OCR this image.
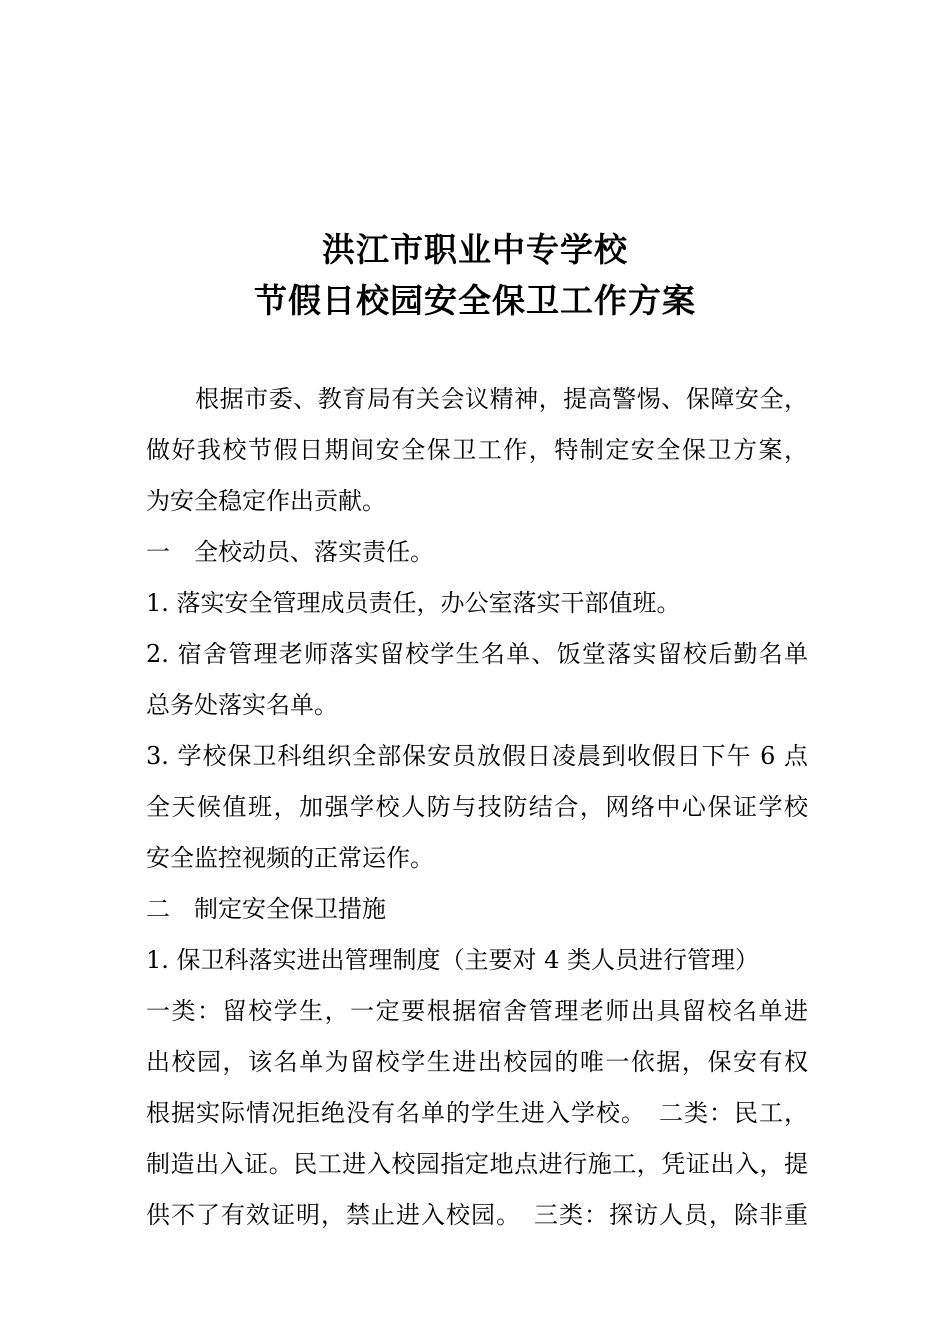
洪江市职业中专学校
节假日校园安全保卫工作方案
　　根据市委、教育局有关会议精神，提高警惕、保障安全，
做好我校节假日期间安全保卫工作，特制定安全保卫方案，
为安全稳定作出贡献。
一　全校动员、落实责任。
1. 落实安全管理成员责任，办公室落实干部值班。
2. 宿舍管理老师落实留校学生名单、饭堂落实留校后勤名单
总务处落实名单。
3. 学校保卫科组织全部保安员放假日凌晨到收假日下午 6 点
全天候值班，加强学校人防与技防结合，网络中心保证学校
安全监控视频的正常运作。
二　制定安全保卫措施
1. 保卫科落实进出管理制度（主要对 4 类人员进行管理）
一类：留校学生，一定要根据宿舍管理老师出具留校名单进
出校园，该名单为留校学生进出校园的唯一依据，保安有权
根据实际情况拒绝没有名单的学生进入学校。　二类：民工，
制造出入证。民工进入校园指定地点进行施工，凭证出入，提
供不了有效证明，禁止进入校园。　三类：探访人员，除非重
